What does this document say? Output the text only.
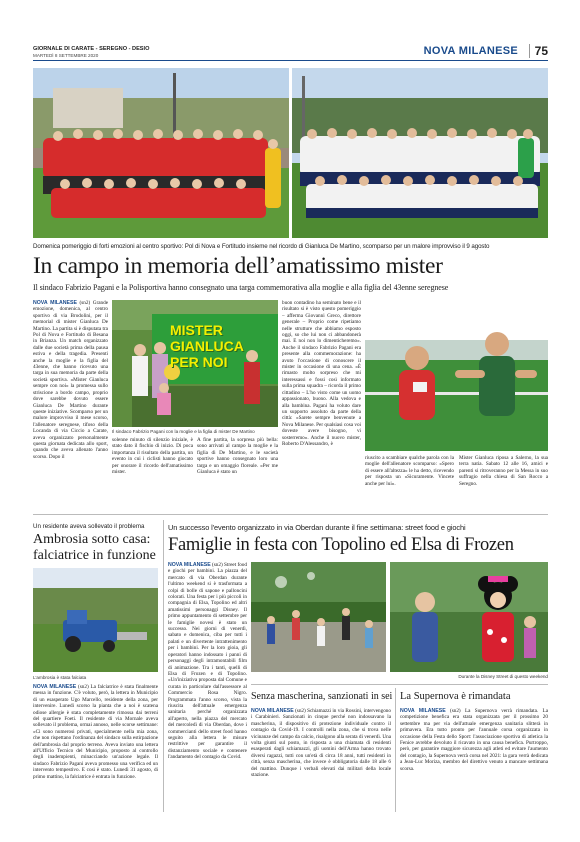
GIORNALE DI CARATE - SEREGNO - DESIO
MARTEDÌ 8 SETTEMBRE 2020	NOVA MILANESE	75
Domenica pomeriggio di forti emozioni al centro sportivo: Pol di Nova e Fortitudo insieme nel ricordo di Gianluca De Martino, scomparso per un malore improvviso il 9 agosto
In campo in memoria dell’amatissimo mister
Il sindaco Fabrizio Pagani e la Polisportiva hanno consegnato una targa commemorativa alla moglie e alla figlia del 43enne seregnese
NOVA MILANESE (sn2) Grande emozione, domenica, al centro sportivo di via Brodolini, per il memorial di mister Gianluca De Martino. La partita si è disputata tra Pol di Nova e Fortitudo di Besana in Brianza. Un match organizzato dalle due società prima della pausa estiva e della tragedia. Presenti anche la moglie e la figlia del 43enne, che hanno ricevuto una targa in sua memoria da parte della società sportiva. «Mister Gianluca sempre con noi» la promessa sullo striscione a bordo campo, proprio dove sarebbe dovuto essere Gianluca De Martino durante queste iniziative. Scomparso per un malore improvviso il mese scorso, l'allenatore seregnese, tifoso della Locanda di via Ciccio a Carate, aveva organizzato personalmente questa giornata dedicata allo sport, quando che aveva allenato l'anno scorso. Dopo il
MISTER GIANLUCA PER NOI
Il sindaco Fabrizio Pagani con la moglie e la figlia di mister De Martino
solenne minuto di silenzio iniziale, è stato dato il fischio di inizio. Di poca importanza il risultato della partita, un evento in cui i ciclisti hanno giocato per onorare il ricordo dell'amatissimo mister.
A fine partita, la sorpresa più bella: sono arrivati al campo la moglie e la figlia di De Martino, e le società sportive hanno consegnato loro una targa e un omaggio floreale. «Per me Gianluca è stato un
buon contadino ha seminato bene e il risultato si è visto questo pomeriggio – afferma Giovanni Greco, direttore generale – Proprio come ripetiamo nelle strutture che abbiamo esposto oggi, so che lui non ci abbandonerà mai. E noi non lo dimenticheremo». Anche il sindaco Fabrizio Pagani era presente alla commemorazione: ha avuto l'occasione di conoscere il mister in occasione di una cena. «È rimasto molto sorpreso che mi interessassi e fossi così informato sulla prima squadra – ricorda il primo cittadino – L'ho visto come un uomo appassionato, buono. Alla vedova e alla bambina. Pagani ha voluto dare un supporto assoluto da parte della città: «Sarete sempre benvenute a Nova Milanese. Per qualsiasi cosa voi doveste avere bisogno, vi sosterremo». Anche il nuovo mister, Roberto D'Alessandro, è
riuscito a scambiare qualche parola con la moglie dell'allenatore scomparso: «Spero di essere all'altezza» le ha detto, ricevendo per risposta un «Sicuramente. Vincete anche per lui».
Mister Gianluca riposa a Salerno, la sua terra natia. Sabato 12 alle 16, amici e parenti si ritroveranno per la Messa in suo suffragio nella chiesa di San Rocco a Seregno.
Un residente aveva sollevato il problema
Ambrosia sotto casa: falciatrice in funzione
L'ambrosia è stata falciata
NOVA MILANESE (sn2) La falciatrice è stata finalmente messa in funzione. C'è voluto, però, la lettera in Municipio di un esasperato Ugo Marcello, residente della zona, per intervenire. Lunedì scorso la pianta che a noi è scatena odiose allergie è stata completamente rimossa dai terreni del quartiere Foeti. Il residente di via Mornale aveva sollevato il problema, ormai annoso, nelle scorse settimane: «Ci sono numerosi privati, specialmente nella mia zona, che non rispettano l'ordinanza del sindaco sulla estirpazione dell'ambrosia dal proprio terreno. Aveva inviato una lettera all'Ufficio Tecnico del Municipio, proposto al controllo degli inadempienti, minacciando un'azione legale. Il sindaco Fabrizio Pagani aveva promesso una verifica ed un intervento tempestivo. E così è stato. Lunedì 31 agosto, di primo mattino, la falciatrice è entrata in funzione.
Un successo l'evento organizzato in via Oberdan durante il fine settimana: street food e giochi
Famiglie in festa con Topolino ed Elsa di Frozen
NOVA MILANESE (sn2) Street food e giochi per bambini. La piazza del mercato di via Oberdan durante l'ultimo weekend si è trasformata a colpi di bolle di sapone e palloncini colorati. Una festa per i più piccoli in compagnia di Elsa, Topolino ed altri amatissimi personaggi Disney. Il primo appuntamento di settembre per le famiglie novesi è stato un successo. Nei giorni di venerdì, sabato e domenica, ciba per tutti i palati e un divertente intrattenimento per i bambini. Per la loro gioia, gli operatori hanno indossato i panni di personaggi degli intramontabili film di animazione. Tra i tanti, quelli di Elsa di Frozen e di Topolino. «Un'iniziativa proposta dal Comune e curata in particolare dall'assessore al Commercio Rosa Nigro. Programmata l'anno scorso, vista la riuscita dell'attuale emergenza sanitaria perché organizzata all'aperto, nella piazza del mercato del mercoledì di via Oberdan, dove i commercianti dello street food hanno seguito alla lettera le misure restrittive per garantire il distanziamento sociale e contenere l'andamento del contagio da Covid.
Durante la Disney Street di questo weekend
Senza mascherina, sanzionati in sei
NOVA MILANESE (sn2) Schiamazzi in via Rossini, intervengono i Carabinieri. Sanzionati in cinque perché non indossavano la mascherina, il dispositivo di protezione individuale contro il contagio da Covid-19. I controlli nella zona, che si trova nelle vicinanze del campo da calcio, risalgono alla serata di venerdì. Una volta giunti sul posto, in risposta a una chiamata di residenti esasperati dagli schiamazzi, gli uomini dell'Arma hanno trovato diversi ragazzi, tutti con un'età di circa 18 anni, tutti residenti in città, senza mascherina, che invece è obbligatoria dalle 18 alle 6 del mattino. Dunque i verbali elevati dai militari della locale stazione.
La Supernova è rimandata
NOVA MILANESE (sn2) La Supernova verrà rimandata. La competizione benefica era stata organizzata per il prossimo 20 settembre ma per via dell'attuale emergenza sanitaria slitterà in primavera. Era tutto pronto per l'annuale corsa organizzata in occasione della Festa dello Sport: l'associazione sportiva di atletica la Fenice avrebbe devoluto il ricavato in una causa benefica. Purtroppo, però, per garantire maggiore sicurezza agli atleti ed evitare l'aumento del contagio, la Supernova verrà corsa nel 2021: la gara verrà dedicata a Jean-Luc Moriza, membro del direttivo venuto a mancare settimana scorsa.
